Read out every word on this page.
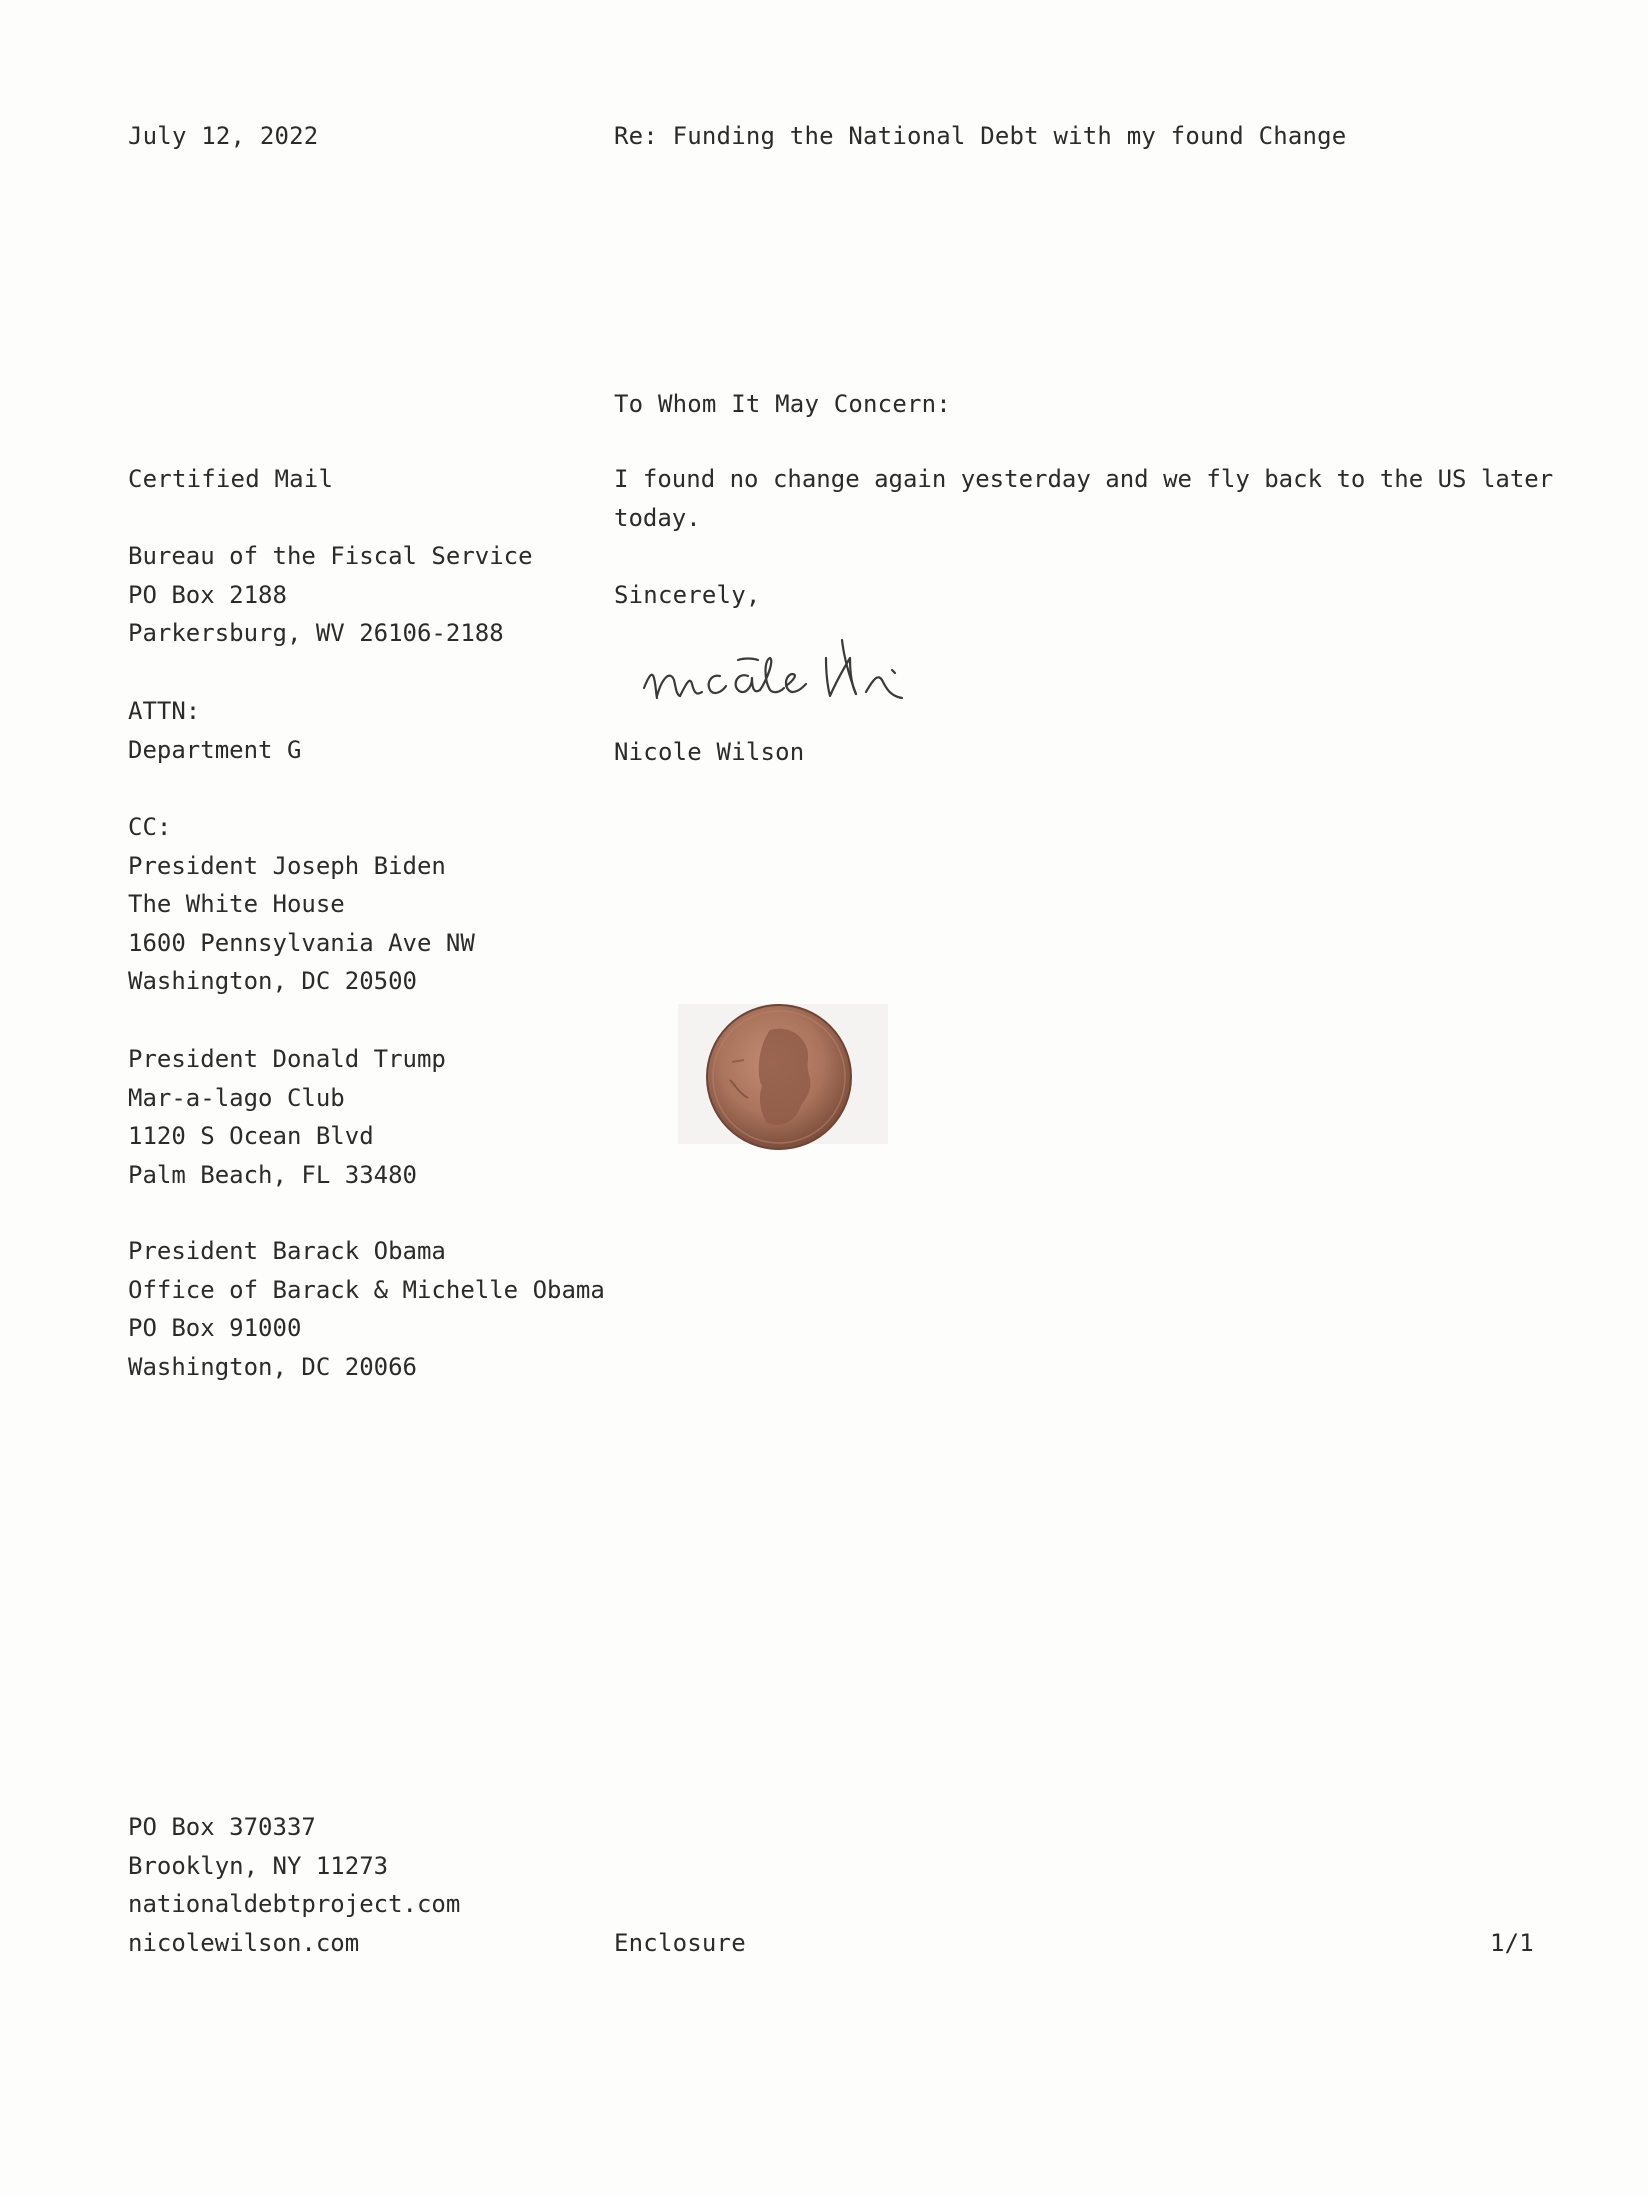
July 12, 2022	Re: Funding the National Debt with my found Change
To Whom It May Concern:
I found no change again yesterday and we fly back to the US later
today.
Sincerely,
Nicole Wilson
Certified Mail
Bureau of the Fiscal Service
PO Box 2188
Parkersburg, WV 26106-2188
ATTN:
Department G
CC:
President Joseph Biden
The White House
1600 Pennsylvania Ave NW
Washington, DC 20500
President Donald Trump
Mar-a-lago Club
1120 S Ocean Blvd
Palm Beach, FL 33480
President Barack Obama
Office of Barack & Michelle Obama
PO Box 91000
Washington, DC 20066
PO Box 370337
Brooklyn, NY 11273
nationaldebtproject.com
nicolewilson.com	Enclosure	1/1
